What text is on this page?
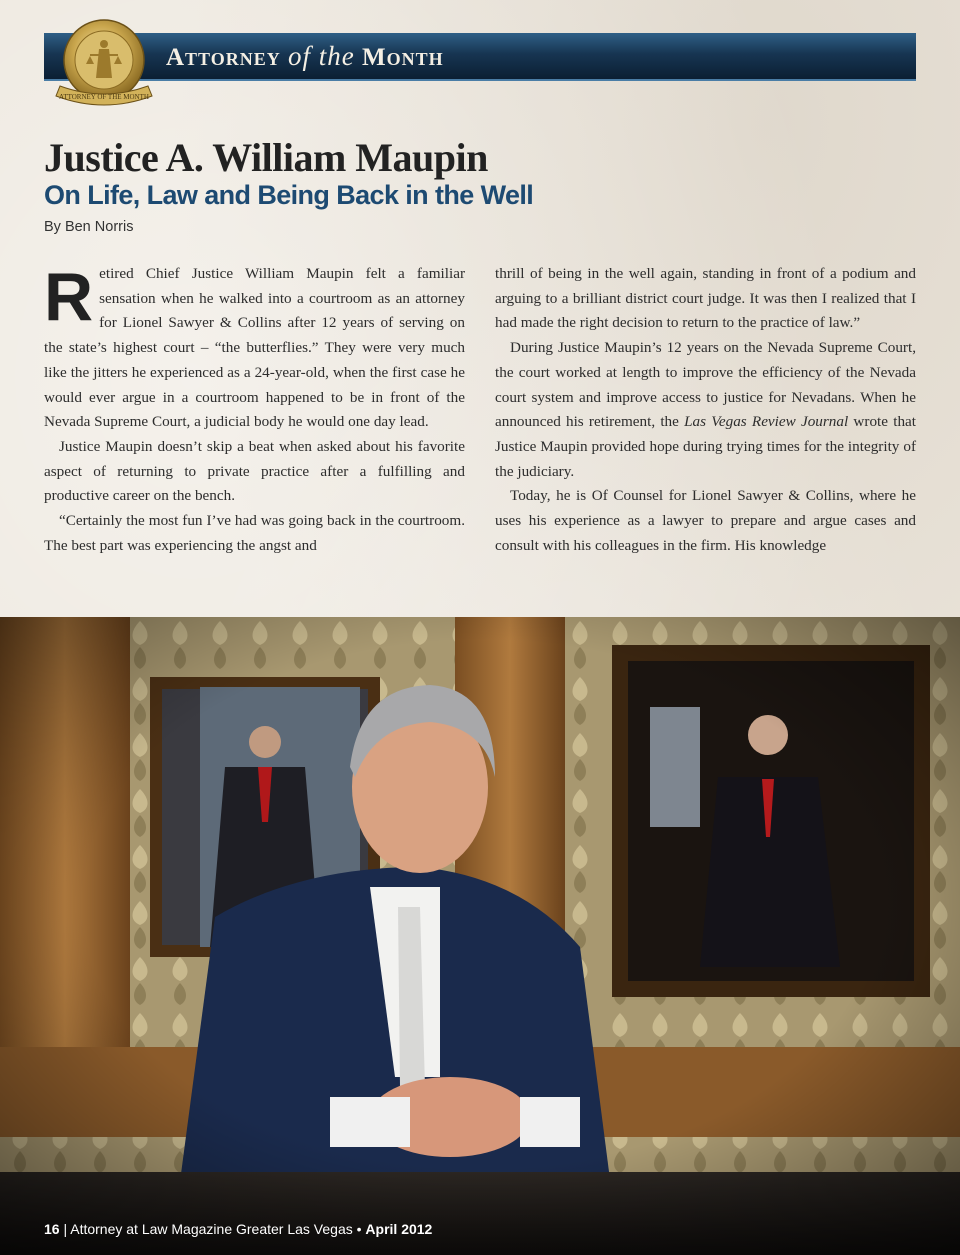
Attorney of the Month
ATTORNEY OF THE MONTH
Justice A. William Maupin
On Life, Law and Being Back in the Well
By Ben Norris

Retired Chief Justice William Maupin felt a familiar sensation when he walked into a courtroom as an attorney for Lionel Sawyer & Collins after 12 years of serving on the state’s highest court – “the butterflies.” They were very much like the jitters he experienced as a 24-year-old, when the first case he would ever argue in a courtroom happened to be in front of the Nevada Supreme Court, a judicial body he would one day lead.

Justice Maupin doesn’t skip a beat when asked about his favorite aspect of returning to private practice after a fulfilling and productive career on the bench.

“Certainly the most fun I’ve had was going back in the courtroom. The best part was experiencing the angst and

thrill of being in the well again, standing in front of a podium and arguing to a brilliant district court judge. It was then I realized that I had made the right decision to return to the practice of law.”

During Justice Maupin’s 12 years on the Nevada Supreme Court, the court worked at length to improve the efficiency of the Nevada court system and improve access to justice for Nevadans. When he announced his retirement, the Las Vegas Review Journal wrote that Justice Maupin provided hope during trying times for the integrity of the judiciary.

Today, he is Of Counsel for Lionel Sawyer & Collins, where he uses his experience as a lawyer to prepare and argue cases and consult with his colleagues in the firm. His knowledge

16 | Attorney at Law Magazine Greater Las Vegas • April 2012
